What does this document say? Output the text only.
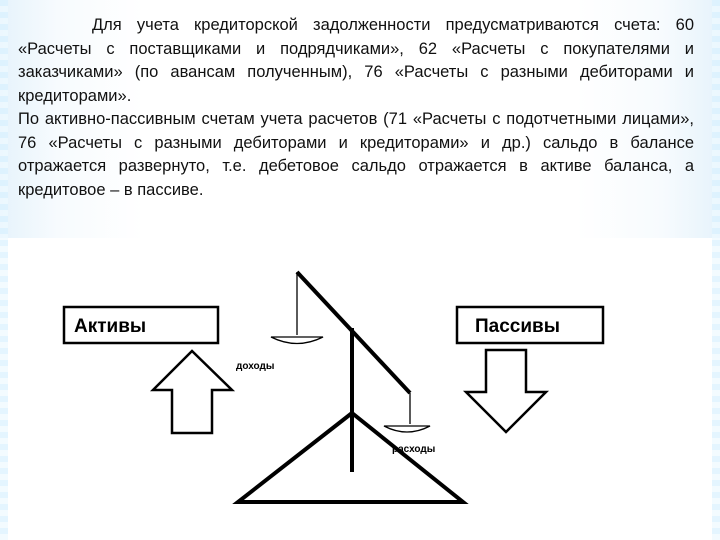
Для учета кредиторской задолженности предусматриваются счета: 60 «Расчеты с поставщиками и подрядчиками», 62 «Расчеты с покупателями и заказчиками» (по авансам полученным), 76 «Расчеты с разными дебиторами и кредиторами».

По активно-пассивным счетам учета расчетов (71 «Расчеты с подотчетными лицами», 76 «Расчеты с разными дебиторами и кредиторами» и др.) сальдо в балансе отражается развернуто, т.е. дебетовое сальдо отражается в активе баланса, а кредитовое – в пассиве.

Активы	Пассивы
доходы
расходы
